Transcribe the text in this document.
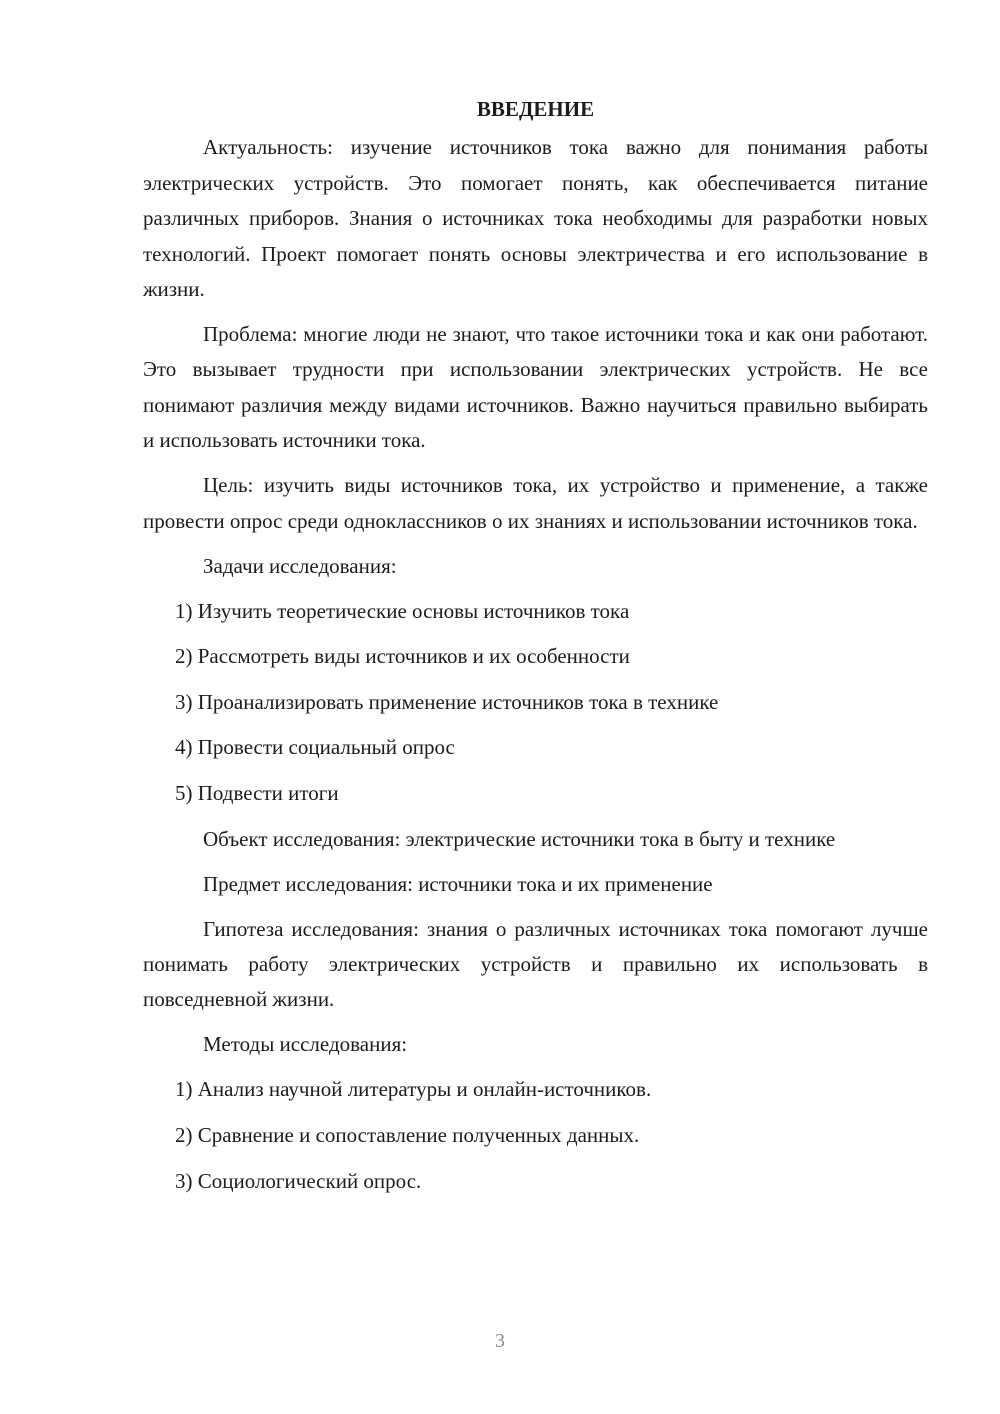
ВВЕДЕНИЕ

Актуальность: изучение источников тока важно для понимания работы электрических устройств. Это помогает понять, как обеспечивается питание различных приборов. Знания о источниках тока необходимы для разработки новых технологий. Проект помогает понять основы электричества и его использование в жизни.

Проблема: многие люди не знают, что такое источники тока и как они работают. Это вызывает трудности при использовании электрических устройств. Не все понимают различия между видами источников. Важно научиться правильно выбирать и использовать источники тока.

Цель: изучить виды источников тока, их устройство и применение, а также провести опрос среди одноклассников о их знаниях и использовании источников тока.

Задачи исследования:

1) Изучить теоретические основы источников тока
2) Рассмотреть виды источников и их особенности
3) Проанализировать применение источников тока в технике
4) Провести социальный опрос
5) Подвести итоги

Объект исследования: электрические источники тока в быту и технике

Предмет исследования: источники тока и их применение

Гипотеза исследования: знания о различных источниках тока помогают лучше понимать работу электрических устройств и правильно их использовать в повседневной жизни.

Методы исследования:

1) Анализ научной литературы и онлайн-источников.
2) Сравнение и сопоставление полученных данных.
3) Социологический опрос.
3
